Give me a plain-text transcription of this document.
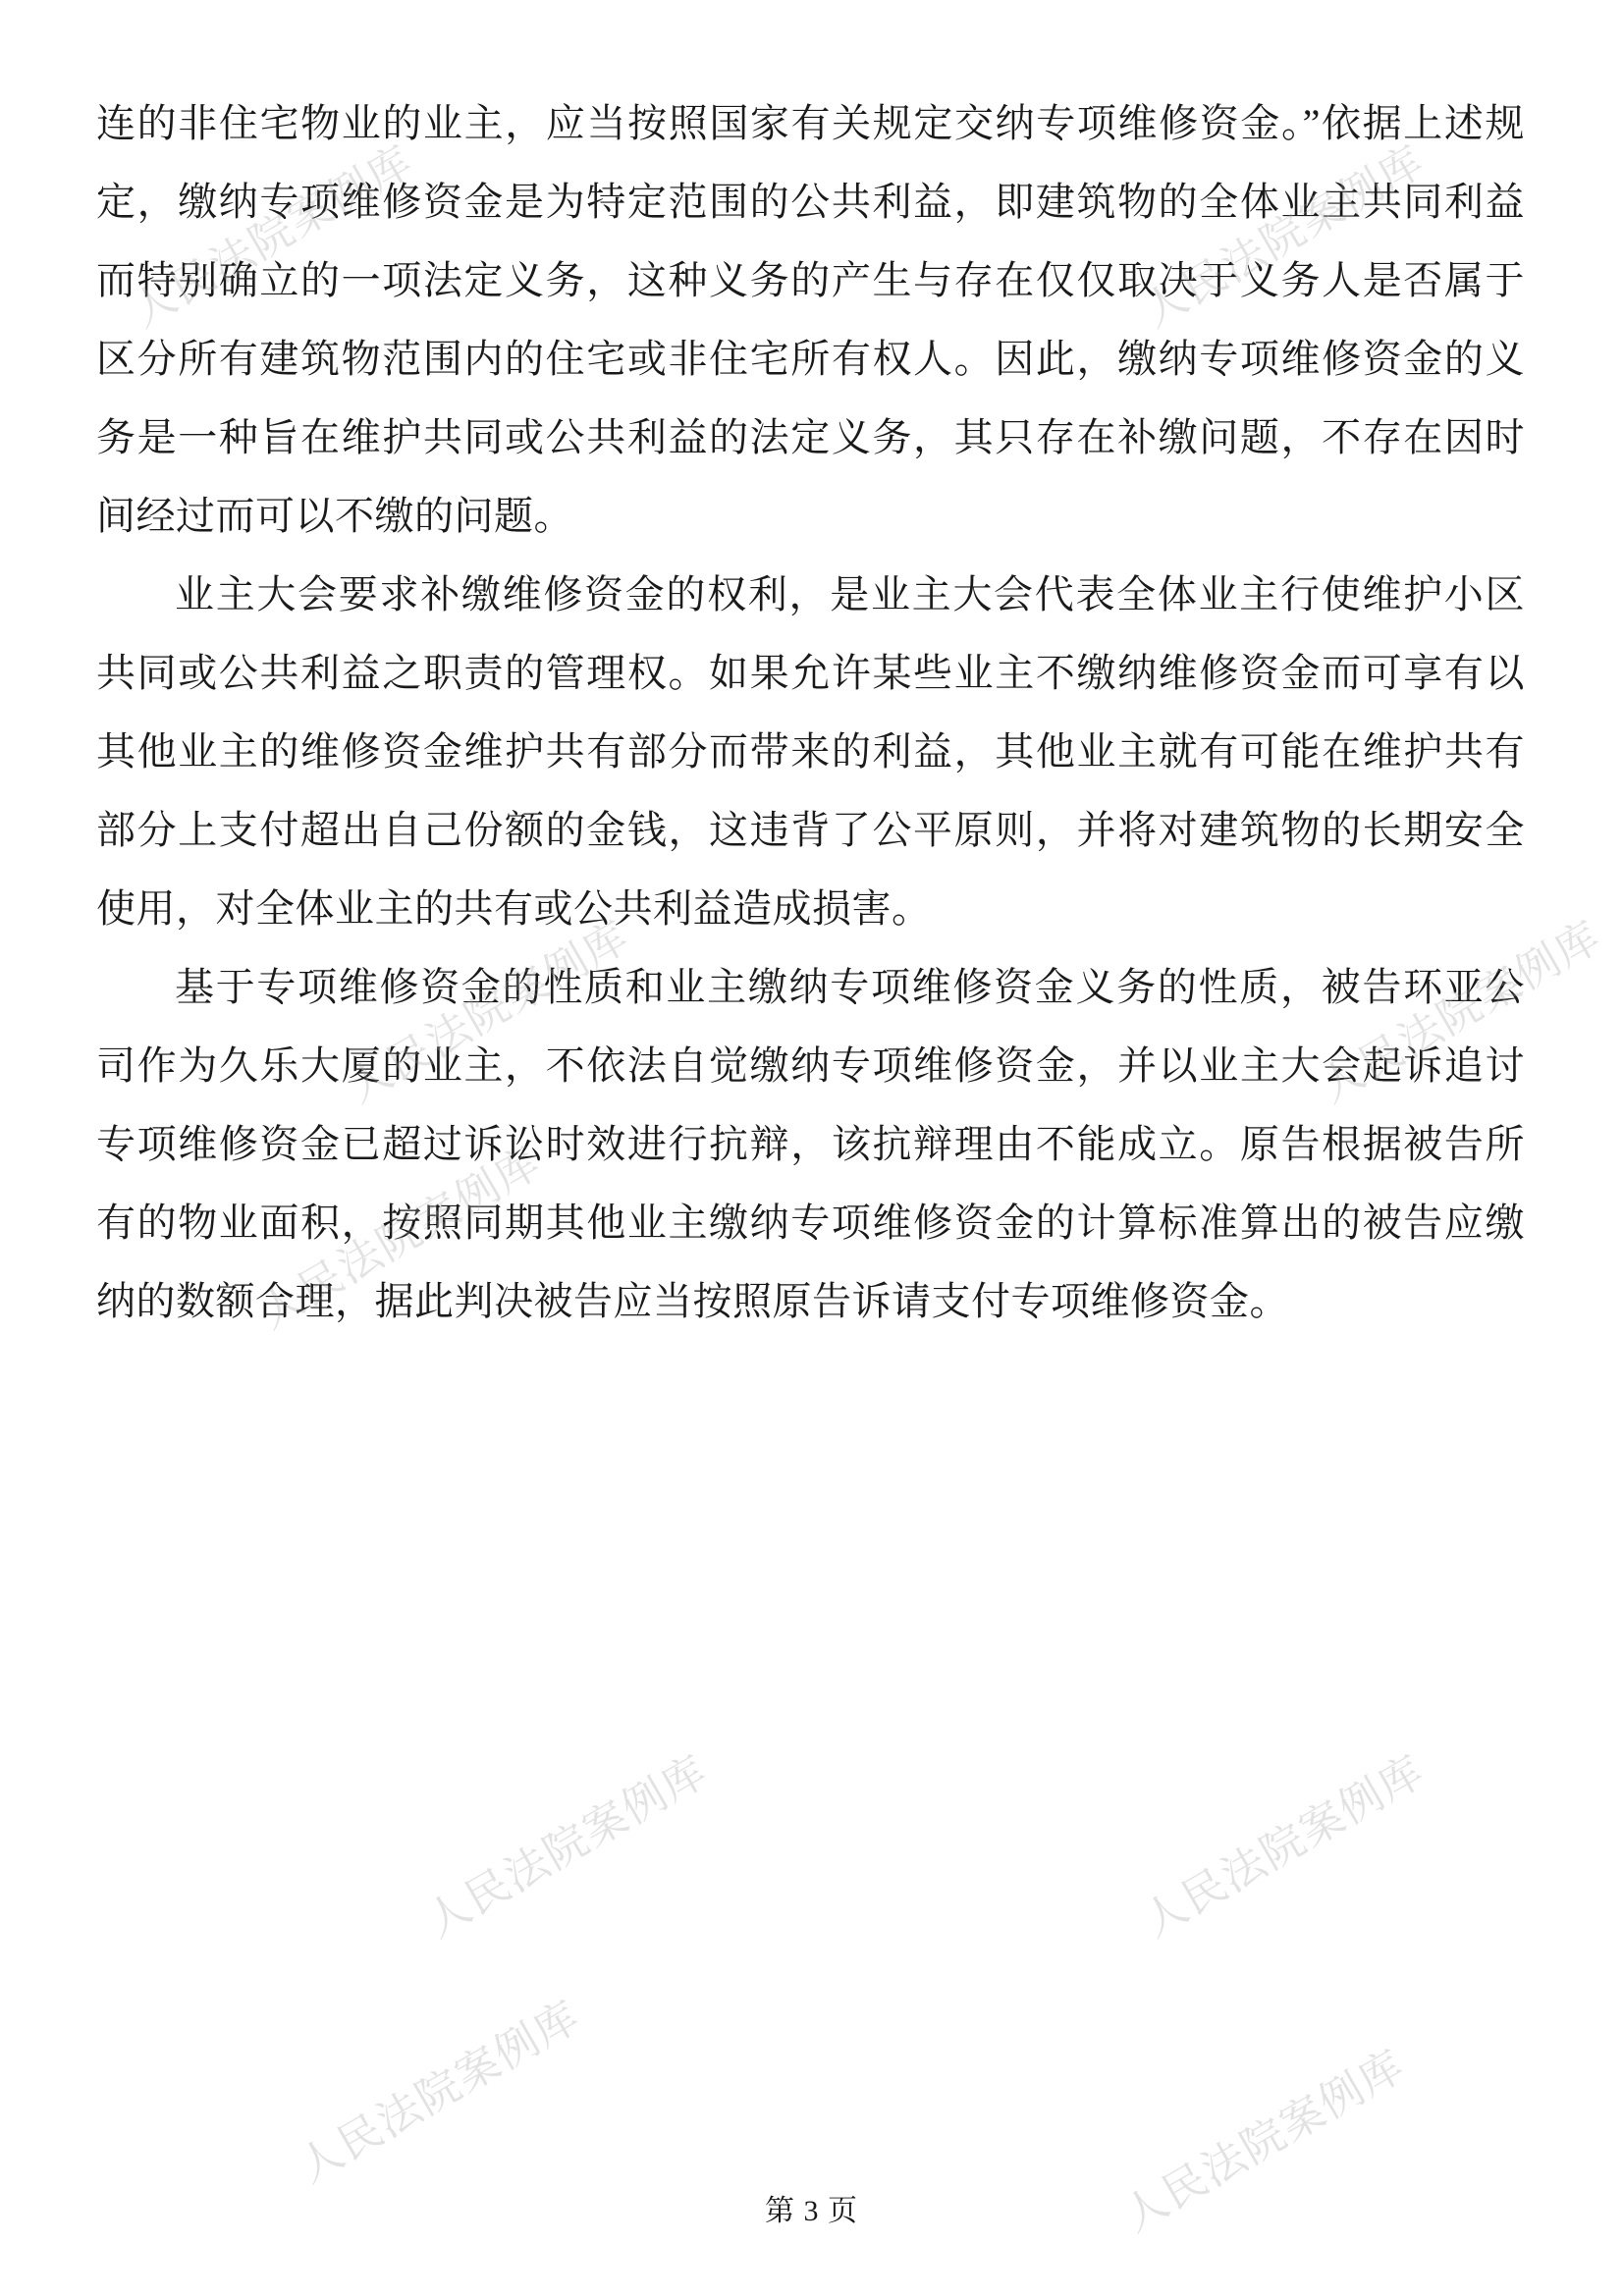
连的非住宅物业的业主，应当按照国家有关规定交纳专项维修资金。”依据上述规定，缴纳专项维修资金是为特定范围的公共利益，即建筑物的全体业主共同利益而特别确立的一项法定义务，这种义务的产生与存在仅仅取决于义务人是否属于区分所有建筑物范围内的住宅或非住宅所有权人。因此，缴纳专项维修资金的义务是一种旨在维护共同或公共利益的法定义务，其只存在补缴问题，不存在因时间经过而可以不缴的问题。

业主大会要求补缴维修资金的权利，是业主大会代表全体业主行使维护小区共同或公共利益之职责的管理权。如果允许某些业主不缴纳维修资金而可享有以其他业主的维修资金维护共有部分而带来的利益，其他业主就有可能在维护共有部分上支付超出自己份额的金钱，这违背了公平原则，并将对建筑物的长期安全使用，对全体业主的共有或公共利益造成损害。

基于专项维修资金的性质和业主缴纳专项维修资金义务的性质，被告环亚公司作为久乐大厦的业主，不依法自觉缴纳专项维修资金，并以业主大会起诉追讨专项维修资金已超过诉讼时效进行抗辩，该抗辩理由不能成立。原告根据被告所有的物业面积，按照同期其他业主缴纳专项维修资金的计算标准算出的被告应缴纳的数额合理，据此判决被告应当按照原告诉请支付专项维修资金。

人民法院案例库	人民法院案例库
人民法院案例库	人民法院案例库
人民法院案例库
人民法院案例库	人民法院案例库
人民法院案例库	人民法院案例库
第 3 页
